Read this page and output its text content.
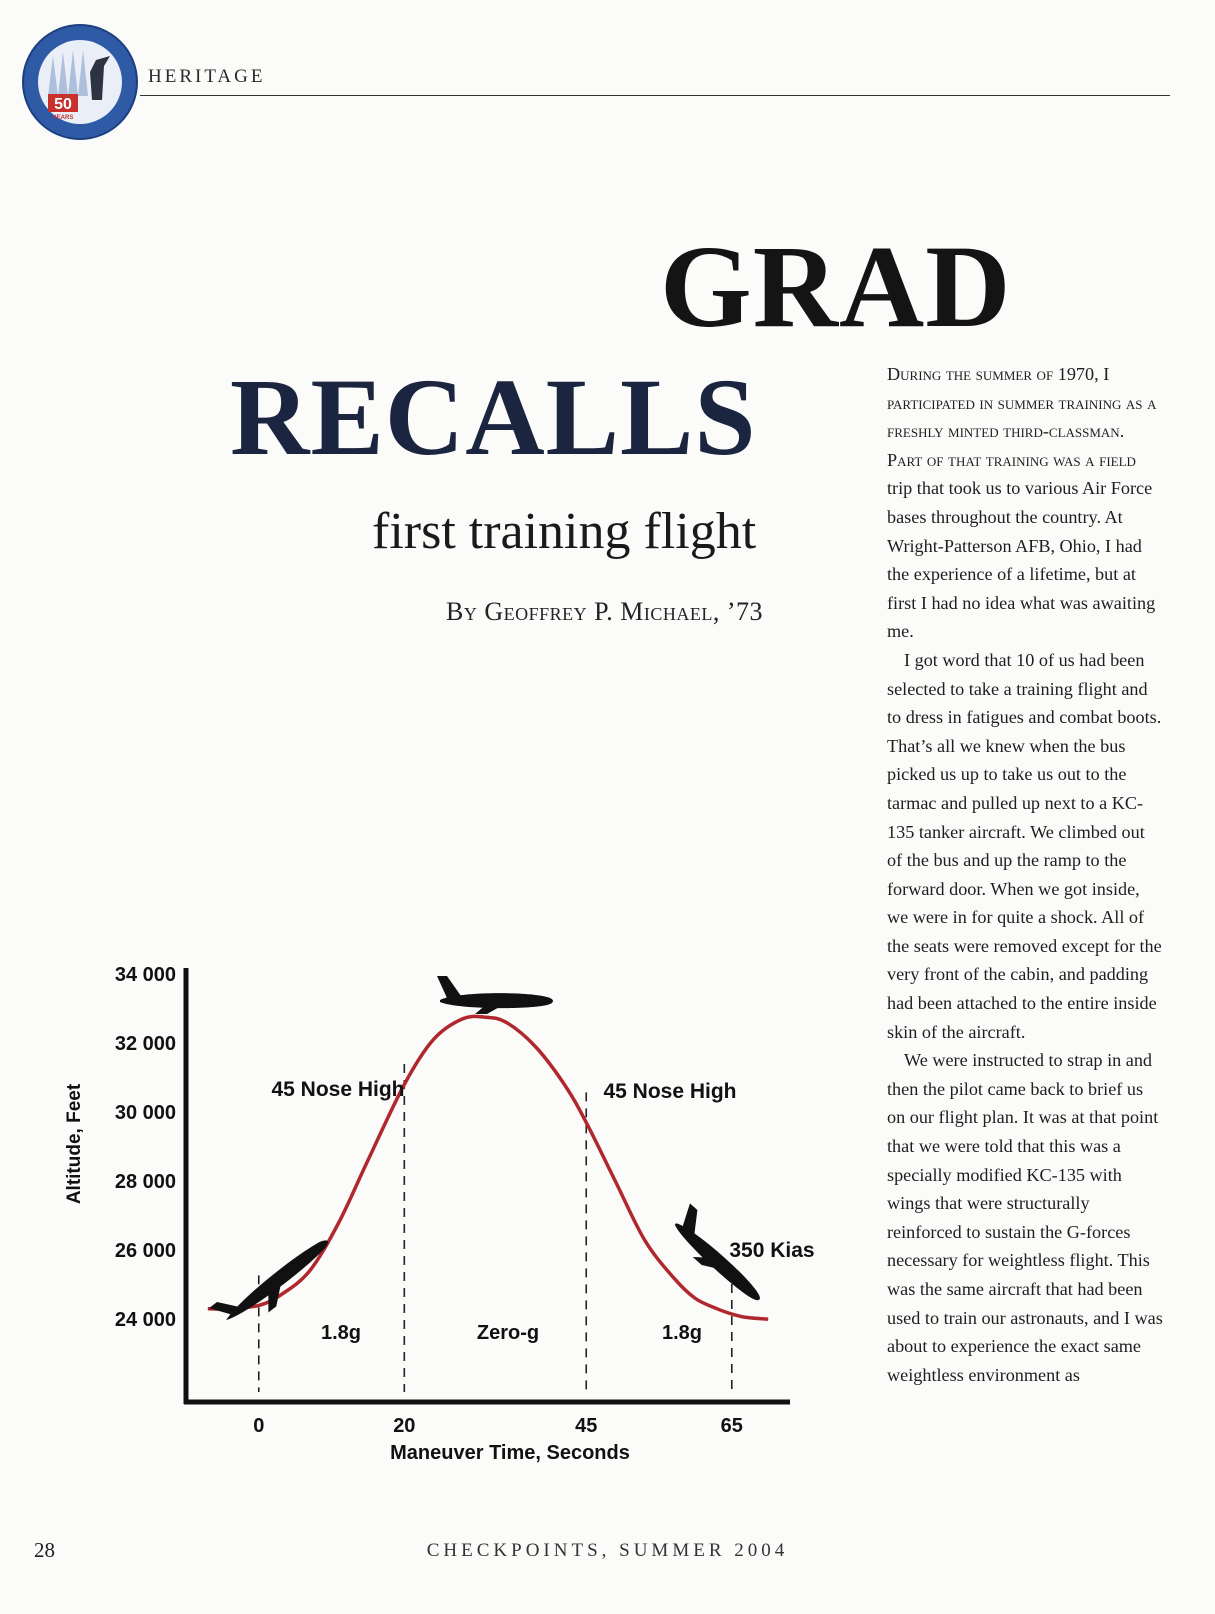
50
YEARS
HERITAGE
GRAD
RECALLS
first training flight
By Geoffrey P. Michael, ’73

During the summer of 1970, I participated in summer training as a freshly minted third-classman. Part of that training was a field trip that took us to various Air Force bases throughout the country. At Wright-Patterson AFB, Ohio, I had the experience of a lifetime, but at first I had no idea what was awaiting me.

I got word that 10 of us had been selected to take a training flight and to dress in fatigues and combat boots. That’s all we knew when the bus picked us up to take us out to the tarmac and pulled up next to a KC-135 tanker aircraft. We climbed out of the bus and up the ramp to the forward door. When we got inside, we were in for quite a shock. All of the seats were removed except for the very front of the cabin, and padding had been attached to the entire inside skin of the aircraft.

We were instructed to strap in and then the pilot came back to brief us on our flight plan. It was at that point that we were told that this was a specially modified KC-135 with wings that were structurally reinforced to sustain the G-forces necessary for weightless flight. This was the same aircraft that had been used to train our astronauts, and I was about to experience the exact same weightless environment as

24 000
26 000
28 000
30 000
32 000
34 000
0	20	45	65
Altitude, Feet
Maneuver Time, Seconds
45 Nose High	45 Nose High
350 Kias
1.8g	Zero-g	1.8g
28	CHECKPOINTS, SUMMER 2004
